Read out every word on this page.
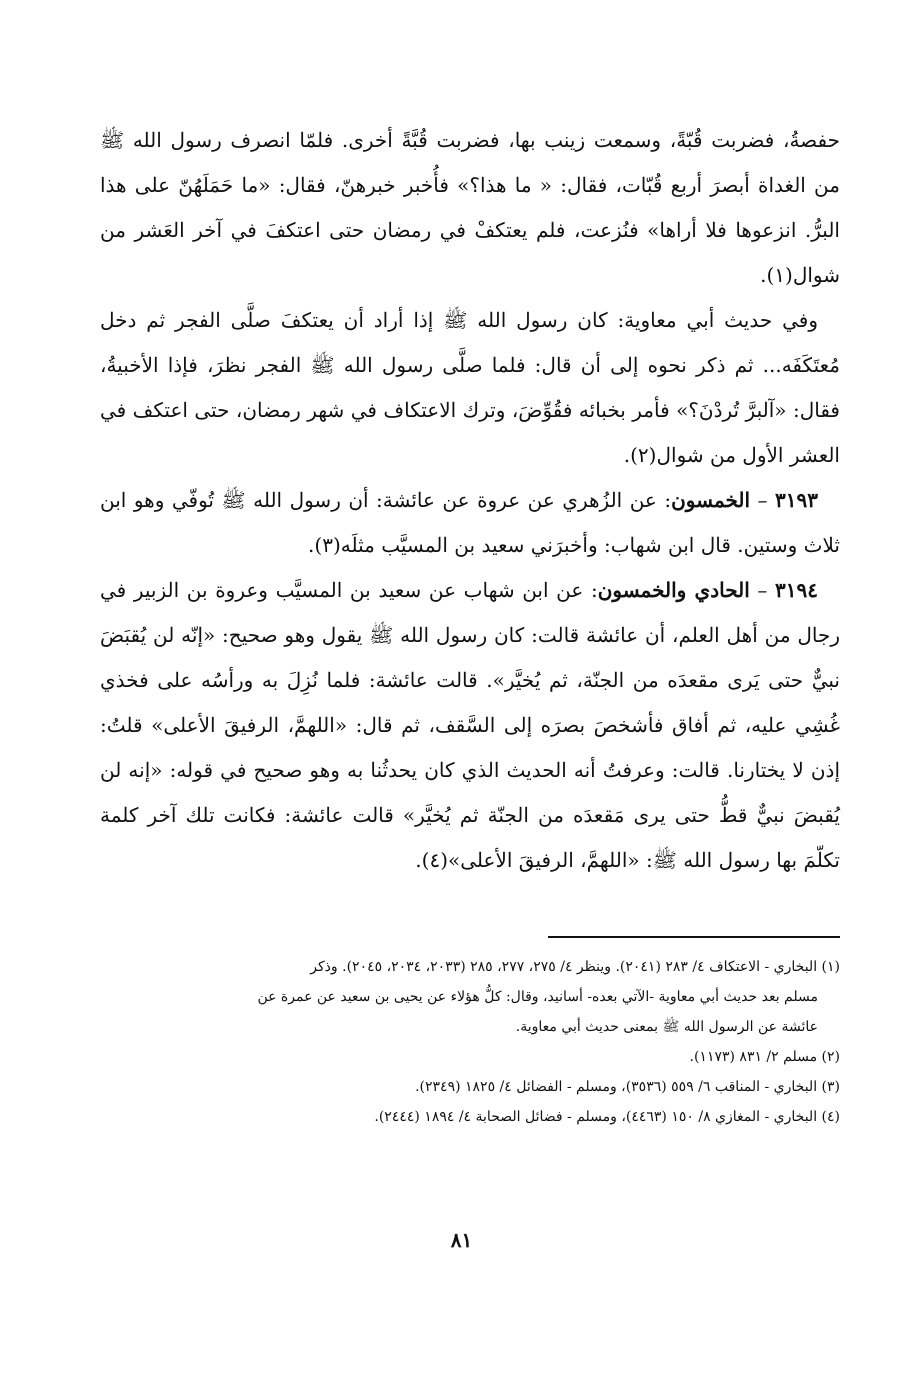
حفصةُ، فضربت قُبّةً، وسمعت زينب بها، فضربت قُبَّةً أخرى. فلمّا انصرف رسول الله ﷺ من الغداة أبصرَ أربع قُبّات، فقال: « ما هذا؟» فأُخبر خبرهنّ، فقال: «ما حَمَلَهُنّ على هذا البرُّ. انزعوها فلا أراها» فنُزعت، فلم يعتكفْ في رمضان حتى اعتكفَ في آخر العَشر من شوال(١).

وفي حديث أبي معاوية: كان رسول الله ﷺ إذا أراد أن يعتكفَ صلَّى الفجر ثم دخل مُعتَكَفَه... ثم ذكر نحوه إلى أن قال: فلما صلَّى رسول الله ﷺ الفجر نظرَ، فإذا الأخبيةُ، فقال: «آلبرَّ تُردْنَ؟» فأمر بخبائه فقُوِّضَ، وترك الاعتكاف في شهر رمضان، حتى اعتكف في العشر الأول من شوال(٢).

٣١٩٣ – الخمسون: عن الزُهري عن عروة عن عائشة: أن رسول الله ﷺ تُوفّي وهو ابن ثلاث وستين. قال ابن شهاب: وأخبرَني سعيد بن المسيَّب مثلَه(٣).

٣١٩٤ – الحادي والخمسون: عن ابن شهاب عن سعيد بن المسيَّب وعروة بن الزبير في رجال من أهل العلم، أن عائشة قالت: كان رسول الله ﷺ يقول وهو صحيح: «إنّه لن يُقبَضَ نبيٌّ حتى يَرى مقعدَه من الجنّة، ثم يُخيَّر». قالت عائشة: فلما نُزِلَ به ورأسُه على فخذي غُشِي عليه، ثم أفاق فأشخصَ بصرَه إلى السَّقف، ثم قال: «اللهمَّ، الرفيقَ الأعلى» قلتُ: إذن لا يختارنا. قالت: وعرفتُ أنه الحديث الذي كان يحدثُنا به وهو صحيح في قوله: «إنه لن يُقبضَ نبيٌّ قطُّ حتى يرى مَقعدَه من الجنّة ثم يُخيَّر» قالت عائشة: فكانت تلك آخر كلمة تكلّمَ بها رسول الله ﷺ: «اللهمَّ، الرفيقَ الأعلى»(٤).

(١) البخاري - الاعتكاف ٤/ ٢٨٣ (٢٠٤١). وينظر ٤/ ٢٧٥، ٢٧٧، ٢٨٥ (٢٠٣٣، ٢٠٣٤، ٢٠٤٥). وذكر

مسلم بعد حديث أبي معاوية -الآتي بعده- أسانيد، وقال: كلُّ هؤلاء عن يحيى بن سعيد عن عمرة عن

عائشة عن الرسول الله ﷺ بمعنى حديث أبي معاوية.

(٢) مسلم ٢/ ٨٣١ (١١٧٣).

(٣) البخاري - المناقب ٦/ ٥٥٩ (٣٥٣٦)، ومسلم - الفضائل ٤/ ١٨٢٥ (٢٣٤٩).

(٤) البخاري - المغازي ٨/ ١٥٠ (٤٤٦٣)، ومسلم - فضائل الصحابة ٤/ ١٨٩٤ (٢٤٤٤).

٨١
